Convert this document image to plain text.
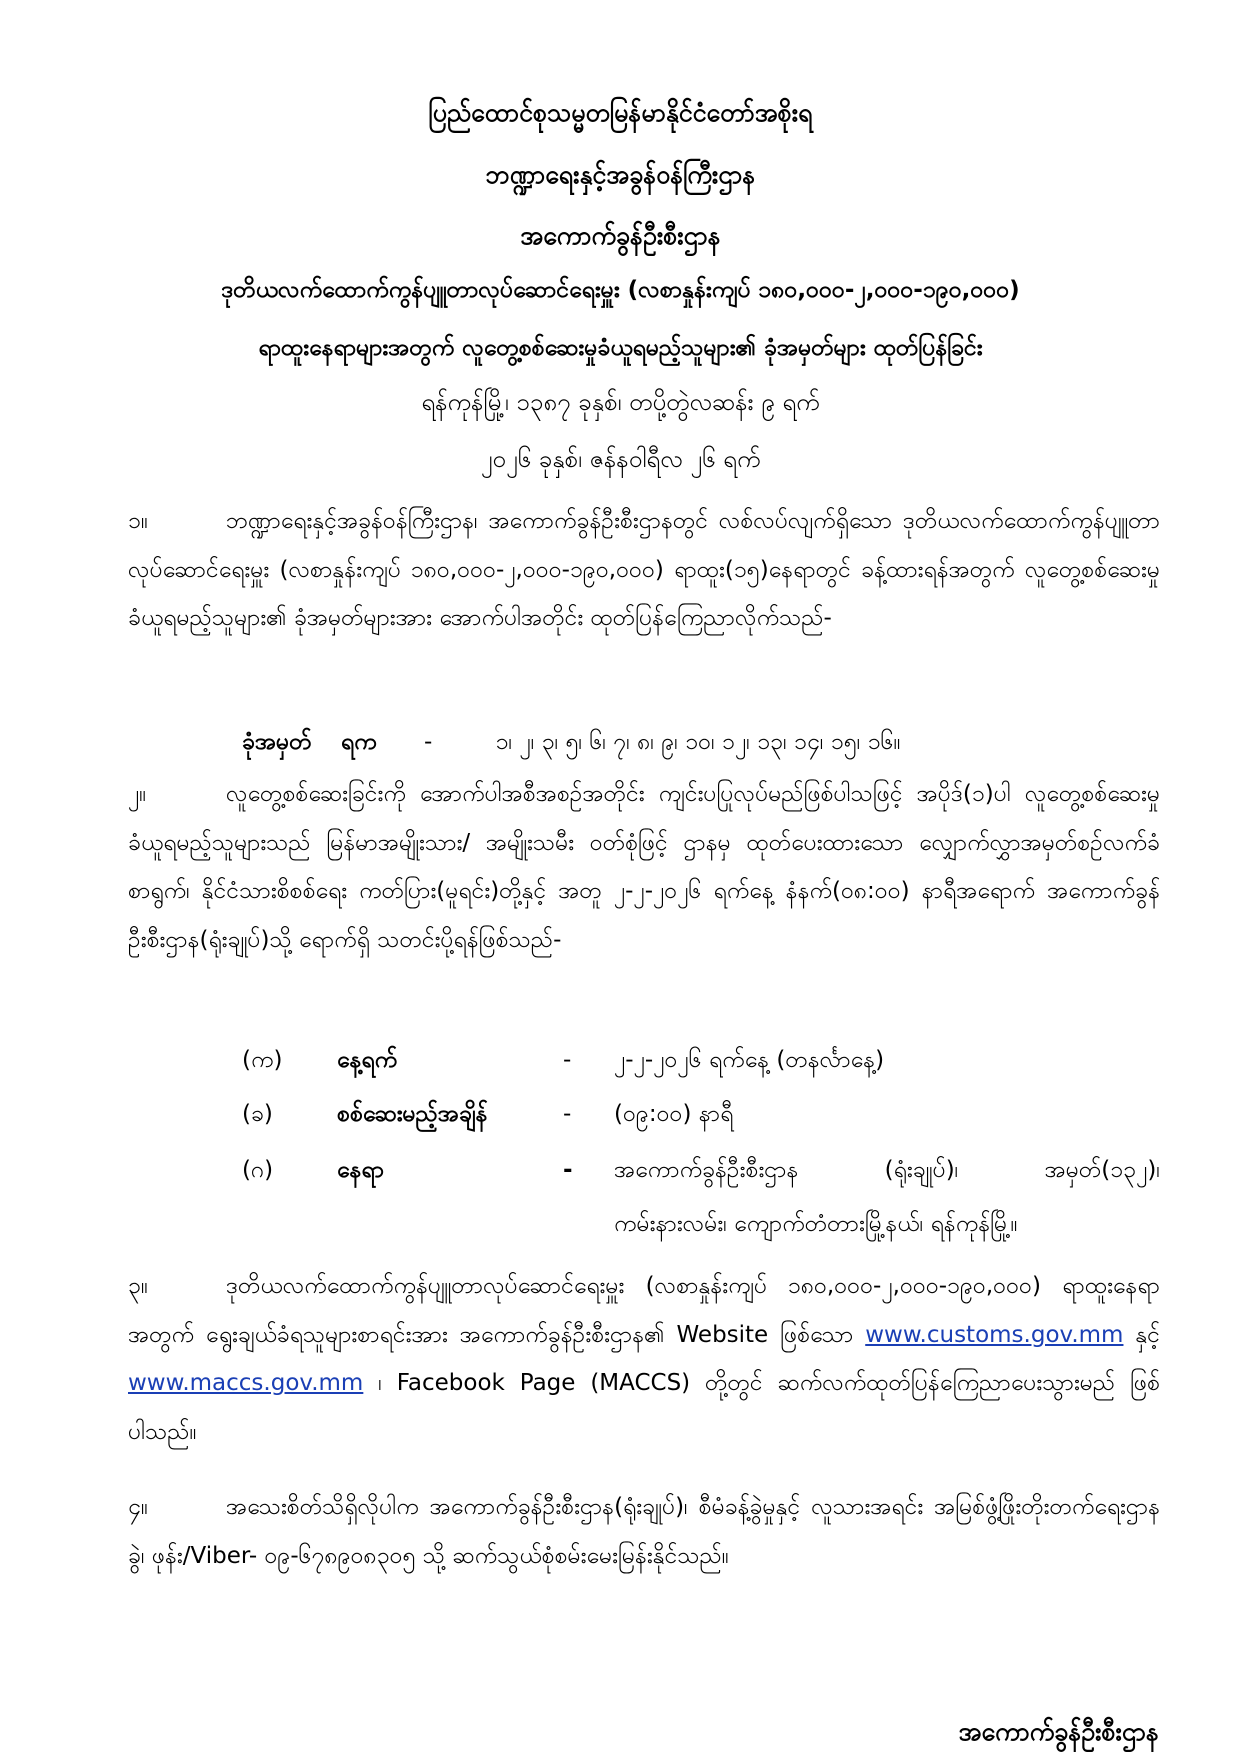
ပြည်ထောင်စုသမ္မတမြန်မာနိုင်ငံတော်အစိုးရ
ဘဏ္ဍာရေးနှင့်အခွန်ဝန်ကြီးဌာန
အကောက်ခွန်ဦးစီးဌာန
ဒုတိယလက်ထောက်ကွန်ပျူတာလုပ်ဆောင်ရေးမှူး (လစာနှုန်းကျပ် ၁၈၀,၀၀၀-၂,၀၀၀-၁၉၀,၀၀၀)
ရာထူးနေရာများအတွက် လူတွေ့စစ်ဆေးမှုခံယူရမည့်သူများ၏ ခုံအမှတ်များ ထုတ်ပြန်ခြင်း
ရန်ကုန်မြို့၊ ၁၃၈၇ ခုနှစ်၊ တပို့တွဲလဆန်း ၉ ရက်
၂၀၂၆ ခုနှစ်၊ ဇန်နဝါရီလ ၂၆ ရက်
၁။	ဘဏ္ဍာရေးနှင့်အခွန်ဝန်ကြီးဌာန၊ အကောက်ခွန်ဦးစီးဌာနတွင် လစ်လပ်လျက်ရှိသော ဒုတိယလက်ထောက်ကွန်ပျူတာလုပ်ဆောင်ရေးမှူး (လစာနှုန်းကျပ် ၁၈၀,၀၀၀-၂,၀၀၀-၁၉၀,၀၀၀) ရာထူး(၁၅)နေရာတွင် ခန့်ထားရန်အတွက် လူတွေ့စစ်ဆေးမှုခံယူရမည့်သူများ၏ ခုံအမှတ်များအား အောက်ပါအတိုင်း ထုတ်ပြန်ကြေညာလိုက်သည်-
ခုံအမှတ် ရက -	၁၊ ၂၊ ၃၊ ၅၊ ၆၊ ၇၊ ၈၊ ၉၊ ၁၀၊ ၁၂၊ ၁၃၊ ၁၄၊ ၁၅၊ ၁၆။
၂။	လူတွေ့စစ်ဆေးခြင်းကို အောက်ပါအစီအစဉ်အတိုင်း ကျင်းပပြုလုပ်မည်ဖြစ်ပါသဖြင့် အပိုဒ်(၁)ပါ လူတွေ့စစ်ဆေးမှုခံယူရမည့်သူများသည် မြန်မာအမျိုးသား/ အမျိုးသမီး ဝတ်စုံဖြင့် ဌာနမှ ထုတ်ပေးထားသော လျှောက်လွှာအမှတ်စဉ်လက်ခံစာရွက်၊ နိုင်ငံသားစိစစ်ရေး ကတ်ပြား(မူရင်း)တို့နှင့် အတူ ၂-၂-၂၀၂၆ ရက်နေ့ နံနက်(၀၈:၀၀) နာရီအရောက် အကောက်ခွန်ဦးစီးဌာန(ရုံးချုပ်)သို့ ရောက်ရှိ သတင်းပို့ရန်ဖြစ်သည်-
(က) နေ့ရက်	- ၂-၂-၂၀၂၆ ရက်နေ့ (တနင်္လာနေ့)
(ခ)	စစ်ဆေးမည့်အချိန်	- (၀၉:၀၀) နာရီ
(ဂ)	နေရာ	- အကောက်ခွန်ဦးစီးဌာန (ရုံးချုပ်)၊ အမှတ်(၁၃၂)၊
ကမ်းနားလမ်း၊ ကျောက်တံတားမြို့နယ်၊ ရန်ကုန်မြို့။
၃။	ဒုတိယလက်ထောက်ကွန်ပျူတာလုပ်ဆောင်ရေးမှူး (လစာနှုန်းကျပ် ၁၈၀,၀၀၀-၂,၀၀၀-၁၉၀,၀၀၀) ရာထူးနေရာအတွက် ရွေးချယ်ခံရသူများစာရင်းအား အကောက်ခွန်ဦးစီးဌာန၏ Website ဖြစ်သော www.customs.gov.mm နှင့် www.maccs.gov.mm ၊ Facebook Page (MACCS) တို့တွင် ဆက်လက်ထုတ်ပြန်ကြေညာပေးသွားမည် ဖြစ်ပါသည်။
၄။	အသေးစိတ်သိရှိလိုပါက အကောက်ခွန်ဦးစီးဌာန(ရုံးချုပ်)၊ စီမံခန့်ခွဲမှုနှင့် လူသားအရင်း အမြစ်ဖွံ့ဖြိုးတိုးတက်ရေးဌာနခွဲ၊ ဖုန်း/Viber- ၀၉-၆၇၈၉၀၈၃၀၅ သို့ ဆက်သွယ်စုံစမ်းမေးမြန်းနိုင်သည်။
အကောက်ခွန်ဦးစီးဌာန
